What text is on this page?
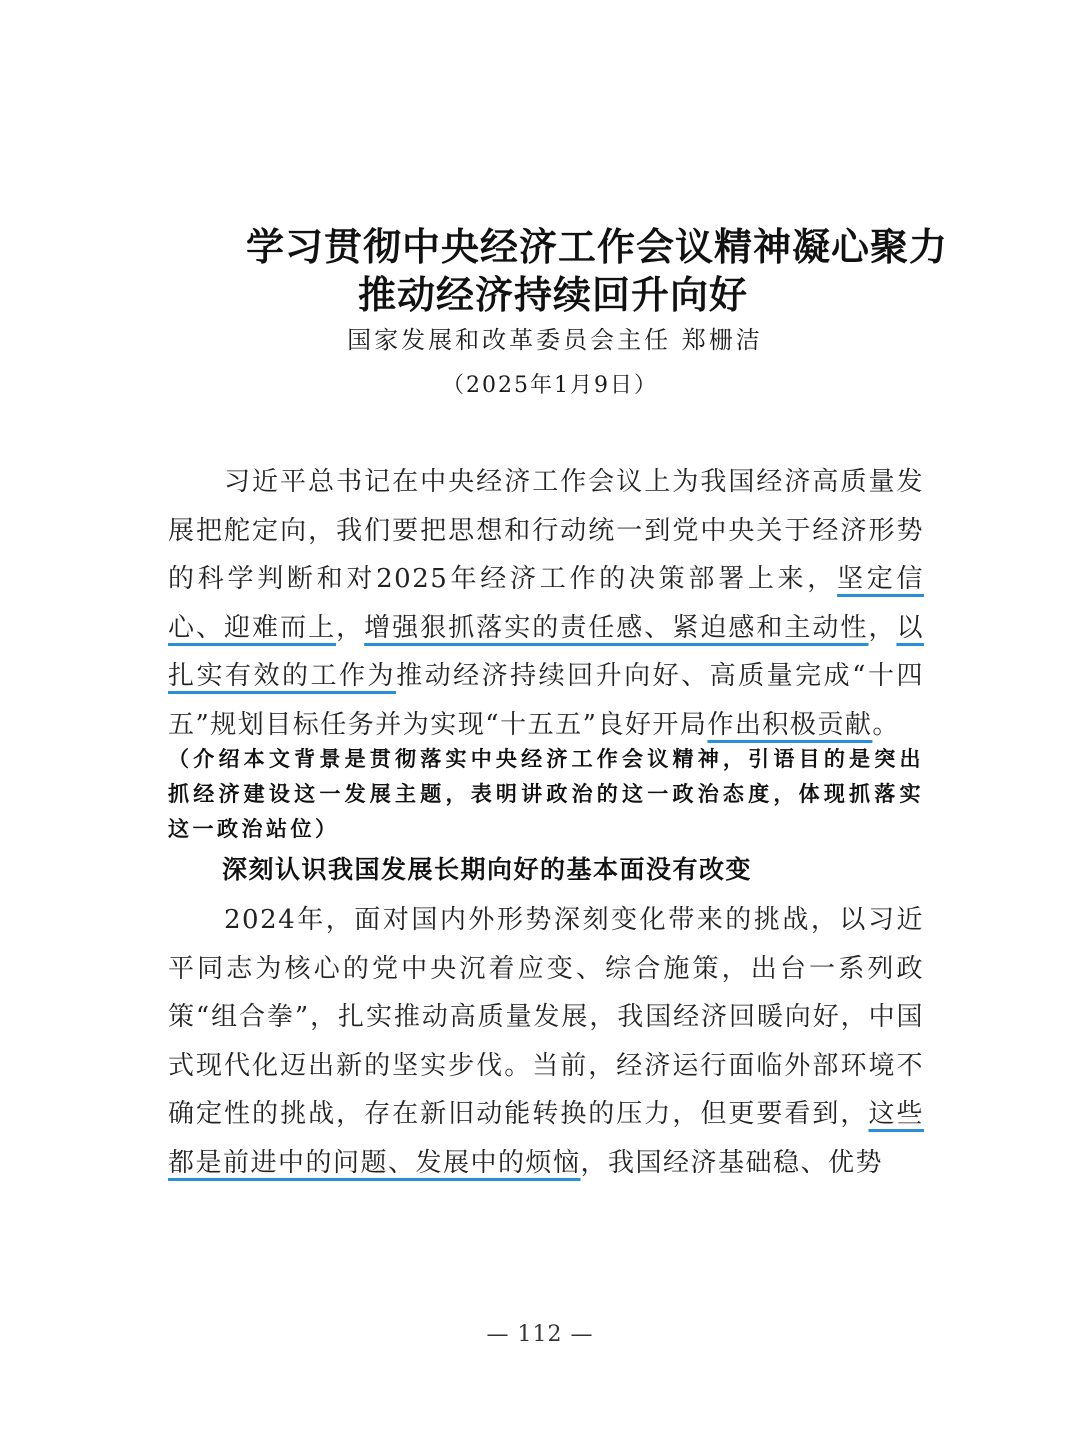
学习贯彻中央经济工作会议精神凝心聚力
推动经济持续回升向好
国家发展和改革委员会主任 郑栅洁
（2025年1月9日）

习近平总书记在中央经济工作会议上为我国经济高质量发展把舵定向，我们要把思想和行动统一到党中央关于经济形势的科学判断和对2025年经济工作的决策部署上来，坚定信心、迎难而上，增强狠抓落实的责任感、紧迫感和主动性，以扎实有效的工作为推动经济持续回升向好、高质量完成“十四五”规划目标任务并为实现“十五五”良好开局作出积极贡献。

（介绍本文背景是贯彻落实中央经济工作会议精神，引语目的是突出抓经济建设这一发展主题，表明讲政治的这一政治态度，体现抓落实这一政治站位）

深刻认识我国发展长期向好的基本面没有改变

2024年，面对国内外形势深刻变化带来的挑战，以习近平同志为核心的党中央沉着应变、综合施策，出台一系列政策“组合拳”，扎实推动高质量发展，我国经济回暖向好，中国式现代化迈出新的坚实步伐。当前，经济运行面临外部环境不确定性的挑战，存在新旧动能转换的压力，但更要看到，这些都是前进中的问题、发展中的烦恼，我国经济基础稳、优势

— 112 —
